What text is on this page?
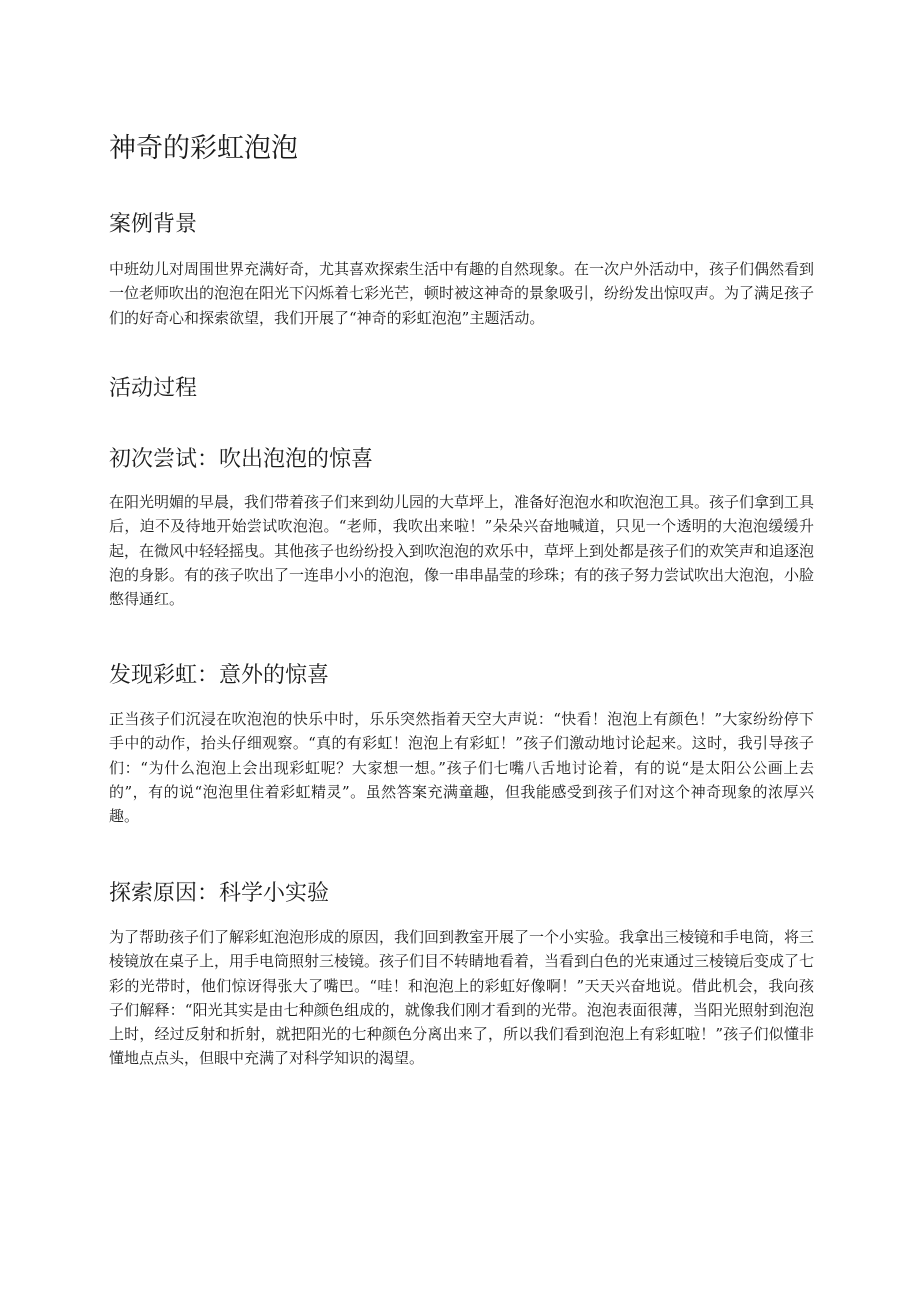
神奇的彩虹泡泡
案例背景

中班幼儿对周围世界充满好奇，尤其喜欢探索生活中有趣的自然现象。在一次户外活动中，孩子们偶然看到一位老师吹出的泡泡在阳光下闪烁着七彩光芒，顿时被这神奇的景象吸引，纷纷发出惊叹声。为了满足孩子们的好奇心和探索欲望，我们开展了“神奇的彩虹泡泡”主题活动。

活动过程
初次尝试：吹出泡泡的惊喜

在阳光明媚的早晨，我们带着孩子们来到幼儿园的大草坪上，准备好泡泡水和吹泡泡工具。孩子们拿到工具后，迫不及待地开始尝试吹泡泡。“老师，我吹出来啦！”朵朵兴奋地喊道，只见一个透明的大泡泡缓缓升起，在微风中轻轻摇曳。其他孩子也纷纷投入到吹泡泡的欢乐中，草坪上到处都是孩子们的欢笑声和追逐泡泡的身影。有的孩子吹出了一连串小小的泡泡，像一串串晶莹的珍珠；有的孩子努力尝试吹出大泡泡，小脸憋得通红。

发现彩虹：意外的惊喜

正当孩子们沉浸在吹泡泡的快乐中时，乐乐突然指着天空大声说：“快看！泡泡上有颜色！”大家纷纷停下手中的动作，抬头仔细观察。“真的有彩虹！泡泡上有彩虹！”孩子们激动地讨论起来。这时，我引导孩子们：“为什么泡泡上会出现彩虹呢？大家想一想。”孩子们七嘴八舌地讨论着，有的说“是太阳公公画上去的”，有的说“泡泡里住着彩虹精灵”。虽然答案充满童趣，但我能感受到孩子们对这个神奇现象的浓厚兴趣。

探索原因：科学小实验

为了帮助孩子们了解彩虹泡泡形成的原因，我们回到教室开展了一个小实验。我拿出三棱镜和手电筒，将三棱镜放在桌子上，用手电筒照射三棱镜。孩子们目不转睛地看着，当看到白色的光束通过三棱镜后变成了七彩的光带时，他们惊讶得张大了嘴巴。“哇！和泡泡上的彩虹好像啊！”天天兴奋地说。借此机会，我向孩子们解释：“阳光其实是由七种颜色组成的，就像我们刚才看到的光带。泡泡表面很薄，当阳光照射到泡泡上时，经过反射和折射，就把阳光的七种颜色分离出来了，所以我们看到泡泡上有彩虹啦！”孩子们似懂非懂地点点头，但眼中充满了对科学知识的渴望。
